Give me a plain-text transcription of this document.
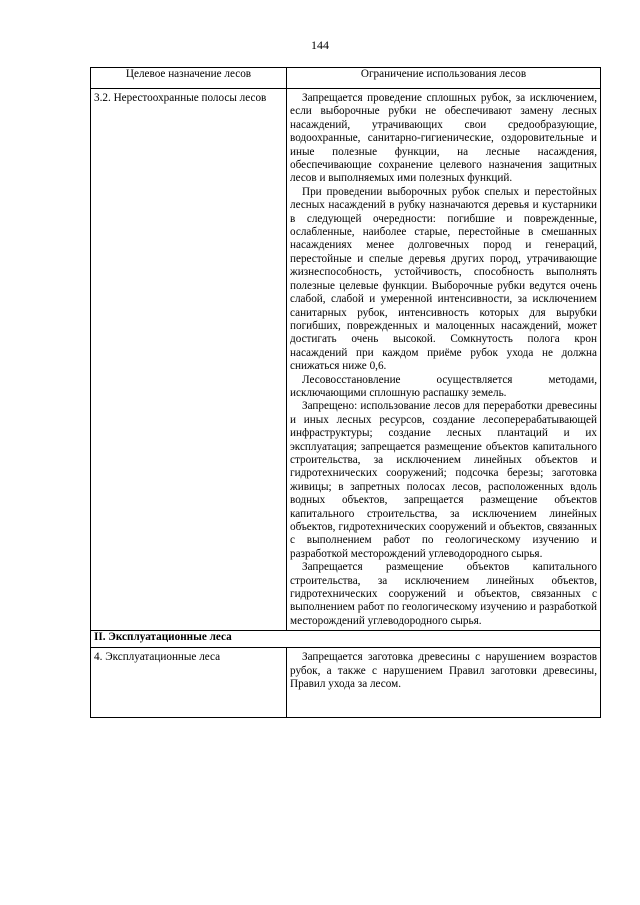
144
Целевое назначение лесов	Ограничение использования лесов
3.2. Нерестоохранные полосы лесов	Запрещается проведение сплошных рубок, за исключением, если выборочные рубки не обеспечивают замену лесных насаждений, утрачивающих свои средообразующие, водоохранные, санитарно-гигиенические, оздоровительные и иные полезные функции, на лесные насаждения, обеспечивающие сохранение целевого назначения защитных лесов и выполняемых ими полезных функций.

При проведении выборочных рубок спелых и перестойных лесных насаждений в рубку назначаются деревья и кустарники в следующей очередности: погибшие и поврежденные, ослабленные, наиболее старые, перестойные в смешанных насаждениях менее долговечных пород и генераций, перестойные и спелые деревья других пород, утрачивающие жизнеспособность, устойчивость, способность выполнять полезные целевые функции. Выборочные рубки ведутся очень слабой, слабой и умеренной интенсивности, за исключением санитарных рубок, интенсивность которых для вырубки погибших, поврежденных и малоценных насаждений, может достигать очень высокой. Сомкнутость полога крон насаждений при каждом приёме рубок ухода не должна снижаться ниже 0,6.

Лесовосстановление осуществляется методами, исключающими сплошную распашку земель.

Запрещено: использование лесов для переработки древесины и иных лесных ресурсов, создание лесоперерабатывающей инфраструктуры; создание лесных плантаций и их эксплуатация; запрещается размещение объектов капитального строительства, за исключением линейных объектов и гидротехнических сооружений; подсочка березы; заготовка живицы; в запретных полосах лесов, расположенных вдоль водных объектов, запрещается размещение объектов капитального строительства, за исключением линейных объектов, гидротехнических сооружений и объектов, связанных с выполнением работ по геологическому изучению и разработкой месторождений углеводородного сырья.

Запрещается размещение объектов капитального строительства, за исключением линейных объектов, гидротехнических сооружений и объектов, связанных с выполнением работ по геологическому изучению и разработкой месторождений углеводородного сырья.

II. Эксплуатационные леса	
4. Эксплуатационные леса	Запрещается заготовка древесины с нарушением возрастов рубок, а также с нарушением Правил заготовки древесины, Правил ухода за лесом.
